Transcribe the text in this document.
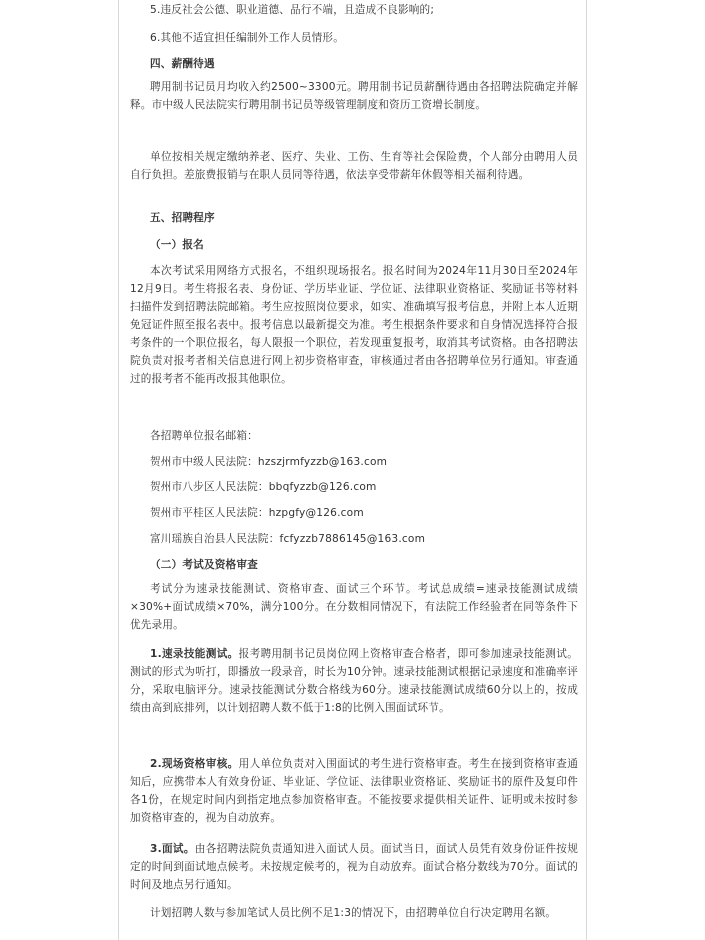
5.违反社会公德、职业道德、品行不端，且造成不良影响的;

6.其他不适宜担任编制外工作人员情形。

四、薪酬待遇

聘用制书记员月均收入约2500~3300元。聘用制书记员薪酬待遇由各招聘法院确定并解释。市中级人民法院实行聘用制书记员等级管理制度和资历工资增长制度。

单位按相关规定缴纳养老、医疗、失业、工伤、生育等社会保险费，个人部分由聘用人员自行负担。差旅费报销与在职人员同等待遇，依法享受带薪年休假等相关福利待遇。

五、招聘程序

（一）报名

本次考试采用网络方式报名，不组织现场报名。报名时间为2024年11月30日至2024年12月9日。考生将报名表、身份证、学历毕业证、学位证、法律职业资格证、奖励证书等材料扫描件发到招聘法院邮箱。考生应按照岗位要求，如实、准确填写报考信息，并附上本人近期免冠证件照至报名表中。报考信息以最新提交为准。考生根据条件要求和自身情况选择符合报考条件的一个职位报名，每人限报一个职位，若发现重复报考，取消其考试资格。由各招聘法院负责对报考者相关信息进行网上初步资格审查，审核通过者由各招聘单位另行通知。审查通过的报考者不能再改报其他职位。

各招聘单位报名邮箱：

贺州市中级人民法院：hzszjrmfyzzb@163.com

贺州市八步区人民法院：bbqfyzzb@126.com

贺州市平桂区人民法院：hzpgfy@126.com

富川瑶族自治县人民法院：fcfyzzb7886145@163.com

（二）考试及资格审查

考试分为速录技能测试、资格审查、面试三个环节。考试总成绩=速录技能测试成绩×30%+面试成绩×70%，满分100分。在分数相同情况下，有法院工作经验者在同等条件下优先录用。

1.速录技能测试。报考聘用制书记员岗位网上资格审查合格者，即可参加速录技能测试。测试的形式为听打，即播放一段录音，时长为10分钟。速录技能测试根据记录速度和准确率评分，采取电脑评分。速录技能测试分数合格线为60分。速录技能测试成绩60分以上的，按成绩由高到底排列，以计划招聘人数不低于1:8的比例入围面试环节。

2.现场资格审核。用人单位负责对入围面试的考生进行资格审查。考生在接到资格审查通知后，应携带本人有效身份证、毕业证、学位证、法律职业资格证、奖励证书的原件及复印件各1份，在规定时间内到指定地点参加资格审查。不能按要求提供相关证件、证明或未按时参加资格审查的，视为自动放弃。

3.面试。由各招聘法院负责通知进入面试人员。面试当日，面试人员凭有效身份证件按规定的时间到面试地点候考。未按规定候考的，视为自动放弃。面试合格分数线为70分。面试的时间及地点另行通知。

计划招聘人数与参加笔试人员比例不足1:3的情况下，由招聘单位自行决定聘用名额。
